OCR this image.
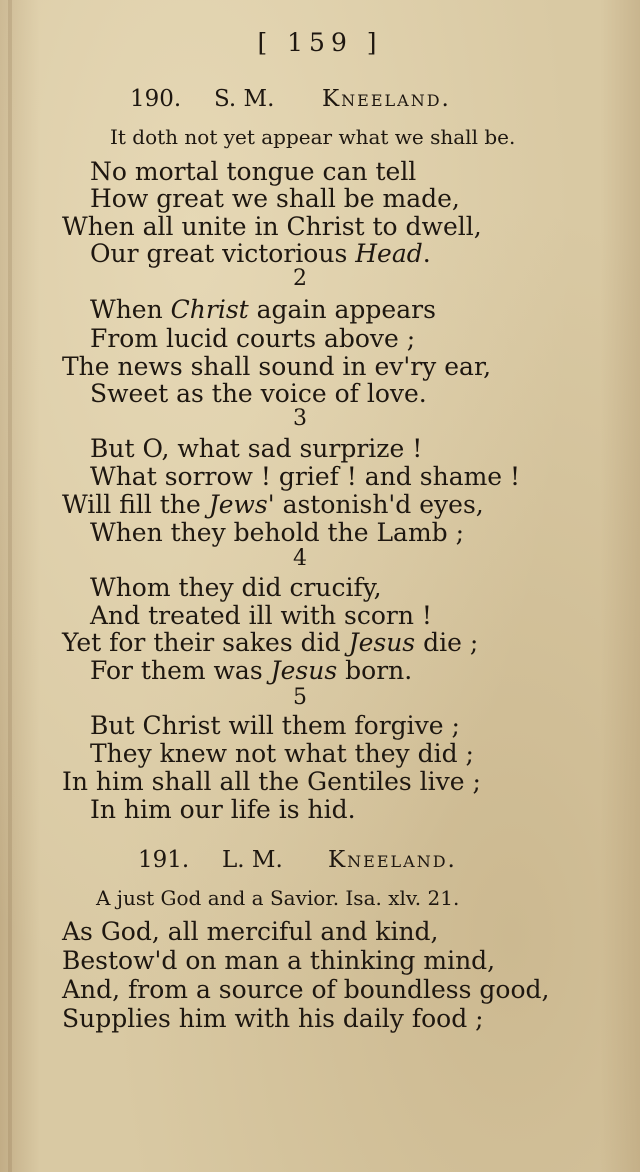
[ 159 ]
190. S. M. Kneeland.
It doth not yet appear what we shall be.
No mortal tongue can tell
How great we shall be made,
When all unite in Christ to dwell,
Our great victorious Head.
2
When Christ again appears
From lucid courts above ;
The news shall sound in ev'ry ear,
Sweet as the voice of love.
3
But O, what sad surprize !
What sorrow ! grief ! and shame !
Will fill the Jews' astonish'd eyes,
When they behold the Lamb ;
4
Whom they did crucify,
And treated ill with scorn !
Yet for their sakes did Jesus die ;
For them was Jesus born.
5
But Christ will them forgive ;
They knew not what they did ;
In him shall all the Gentiles live ;
In him our life is hid.
191. L. M. Kneeland.
A just God and a Savior. Isa. xlv. 21.
As God, all merciful and kind,
Bestow'd on man a thinking mind,
And, from a source of boundless good,
Supplies him with his daily food ;
